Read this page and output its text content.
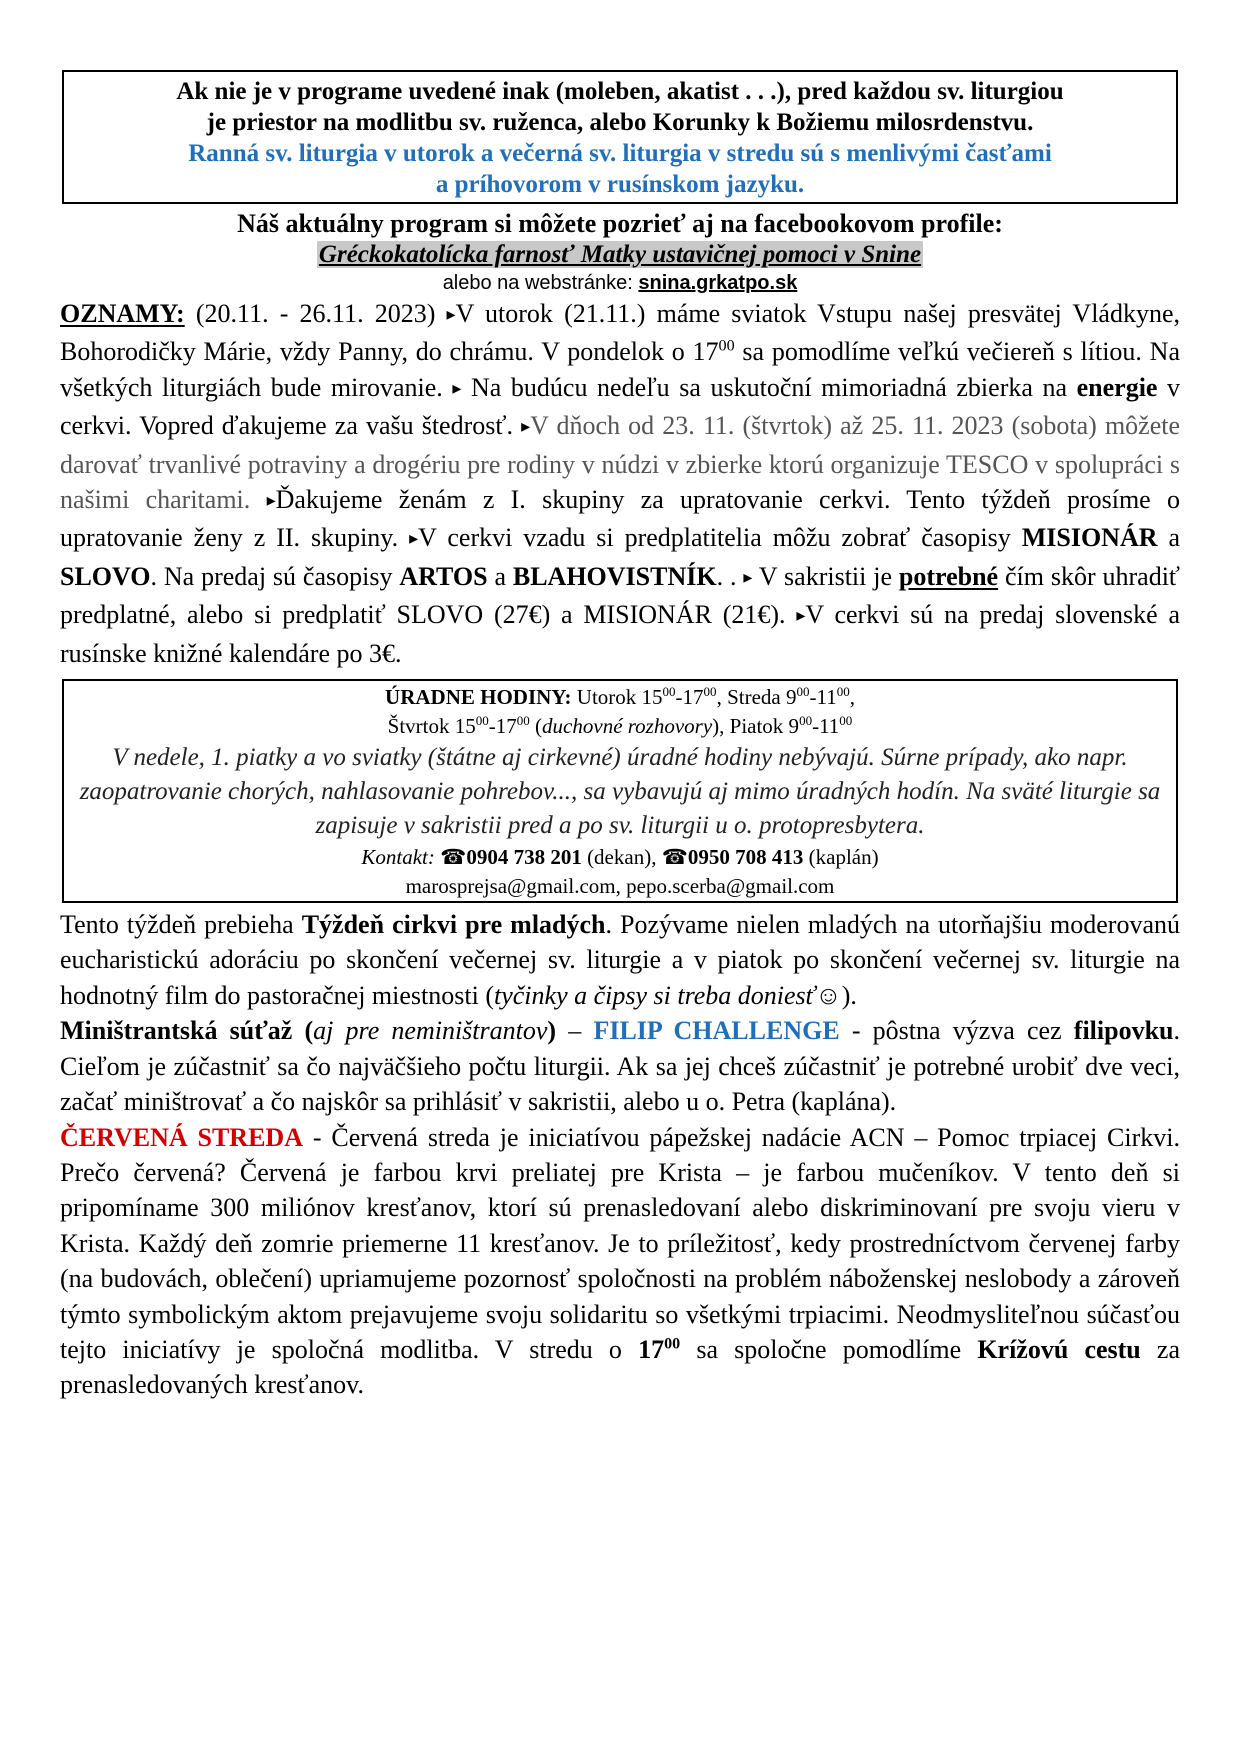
Ak nie je v programe uvedené inak (moleben, akatist . . .), pred každou sv. liturgiou
je priestor na modlitbu sv. ruženca, alebo Korunky k Božiemu milosrdenstvu.
Ranná sv. liturgia v utorok a večerná sv. liturgia v stredu sú s menlivými časťami
a príhovorom v rusínskom jazyku.
Náš aktuálny program si môžete pozrieť aj na facebookovom profile:
Gréckokatolícka farnosť Matky ustavičnej pomoci v Snine
alebo na webstránke: snina.grkatpo.sk
OZNAMY: (20.11. - 26.11. 2023) ▸V utorok (21.11.) máme sviatok Vstupu našej presvätej Vládkyne, Bohorodičky Márie, vždy Panny, do chrámu. V pondelok o $17^{00}$ sa pomodlíme veľkú večiereň s lítiou. Na všetkých liturgiách bude mirovanie. ▸ Na budúcu nedeľu sa uskutoční mimoriadná zbierka na energie v cerkvi. Vopred ďakujeme za vašu štedrosť. ▸V dňoch od 23. 11. (štvrtok) až 25. 11. 2023 (sobota) môžete darovať trvanlivé potraviny a drogériu pre rodiny v núdzi v zbierke ktorú organizuje TESCO v spolupráci s našimi charitami. ▸Ďakujeme ženám z I. skupiny za upratovanie cerkvi. Tento týždeň prosíme o upratovanie ženy z II. skupiny. ▸V cerkvi vzadu si predplatitelia môžu zobrať časopisy MISIONÁR a SLOVO. Na predaj sú časopisy ARTOS a BLAHOVISTNÍK. . ▸ V sakristii je potrebné čím skôr uhradiť predplatné, alebo si predplatiť SLOVO (27€) a MISIONÁR (21€). ▸V cerkvi sú na predaj slovenské a rusínske knižné kalendáre po 3€.
ÚRADNE HODINY: Utorok $15^{00}-17^{00}$, Streda $9^{00}-11^{00}$,
Štvrtok $15^{00}-17^{00}$ (duchovné rozhovory), Piatok $9^{00}-11^{00}$
V nedele, 1. piatky a vo sviatky (štátne aj cirkevné) úradné hodiny nebývajú. Súrne prípady, ako napr. zaopatrovanie chorých, nahlasovanie pohrebov..., sa vybavujú aj mimo úradných hodín. Na sväté liturgie sa zapisuje v sakristii pred a po sv. liturgii u o. protopresbytera.
Kontakt: ☎0904 738 201 (dekan), ☎0950 708 413 (kaplán)
marosprejsa@gmail.com, pepo.scerba@gmail.com
Tento týždeň prebieha Týždeň cirkvi pre mladých. Pozývame nielen mladých na utorňajšiu moderovanú eucharistickú adoráciu po skončení večernej sv. liturgie a v piatok po skončení večernej sv. liturgie na hodnotný film do pastoračnej miestnosti (tyčinky a čipsy si treba doniesť☺).
Miništrantská súťaž (aj pre neminištrantov) – FILIP CHALLENGE - pôstna výzva cez filipovku. Cieľom je zúčastniť sa čo najväčšieho počtu liturgii. Ak sa jej chceš zúčastniť je potrebné urobiť dve veci, začať miništrovať a čo najskôr sa prihlásiť v sakristii, alebo u o. Petra (kaplána).
ČERVENÁ STREDA - Červená streda je iniciatívou pápežskej nadácie ACN – Pomoc trpiacej Cirkvi. Prečo červená? Červená je farbou krvi preliatej pre Krista – je farbou mučeníkov. V tento deň si pripomíname 300 miliónov kresťanov, ktorí sú prenasledovaní alebo diskriminovaní pre svoju vieru v Krista. Každý deň zomrie priemerne 11 kresťanov. Je to príležitosť, kedy prostredníctvom červenej farby (na budovách, oblečení) upriamujeme pozornosť spoločnosti na problém náboženskej neslobody a zároveň týmto symbolickým aktom prejavujeme svoju solidaritu so všetkými trpiacimi. Neodmysliteľnou súčasťou tejto iniciatívy je spoločná modlitba. V stredu o $17^{00}$ sa spoločne pomodlíme Krížovú cestu za prenasledovaných kresťanov.
